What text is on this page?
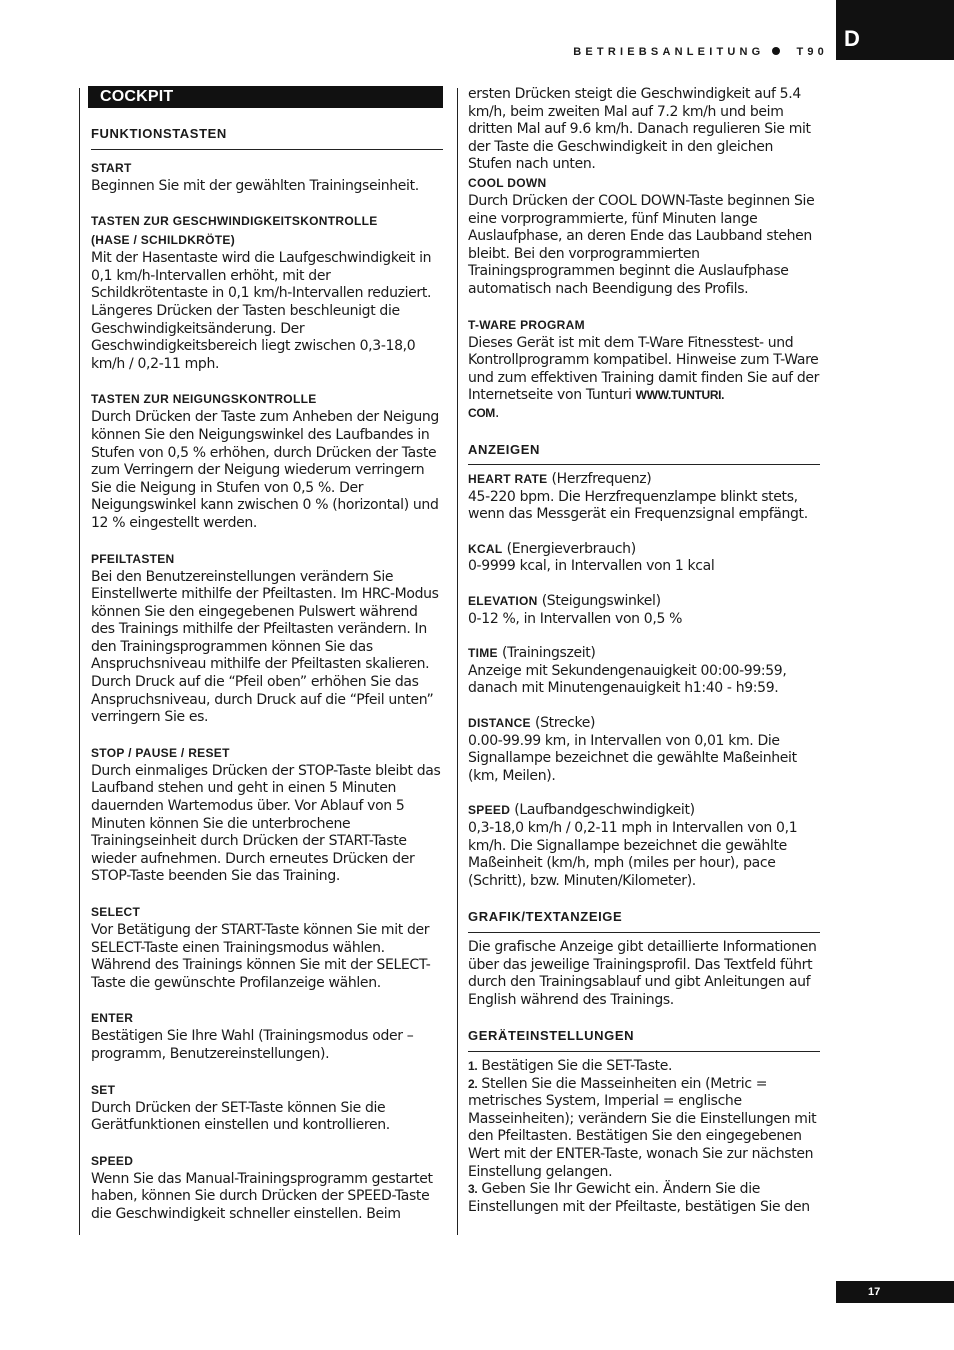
D
BETRIEBSANLEITUNG	T90
COCKPIT
FUNKTIONSTASTEN
START

Beginnen Sie mit der gewählten Trainingseinheit.

TASTEN ZUR GESCHWINDIGKEITSKONTROLLE
(HASE / SCHILDKRÖTE)

Mit der Hasentaste wird die Laufgeschwindigkeit in 0,1 km/h-Intervallen erhöht, mit der Schildkrötentaste in 0,1 km/h-Intervallen reduziert. Längeres Drücken der Tasten beschleunigt die Geschwindigkeitsänderung. Der Geschwindigkeitsbereich liegt zwischen 0,3-18,0 km/h / 0,2-11 mph.

TASTEN ZUR NEIGUNGSKONTROLLE

Durch Drücken der Taste zum Anheben der Neigung können Sie den Neigungswinkel des Laufbandes in Stufen von 0,5 % erhöhen, durch Drücken der Taste zum Verringern der Neigung wiederum verringern Sie die Neigung in Stufen von 0,5 %. Der Neigungswinkel kann zwischen 0 % (horizontal) und 12 % eingestellt werden.

PFEILTASTEN

Bei den Benutzereinstellungen verändern Sie Einstellwerte mithilfe der Pfeiltasten. Im HRC-Modus können Sie den eingegebenen Pulswert während des Trainings mithilfe der Pfeiltasten verändern. In den Trainingsprogrammen können Sie das Anspruchsniveau mithilfe der Pfeiltasten skalieren. Durch Druck auf die “Pfeil oben” erhöhen Sie das Anspruchsniveau, durch Druck auf die “Pfeil unten” verringern Sie es.

STOP / PAUSE / RESET

Durch einmaliges Drücken der STOP-Taste bleibt das Laufband stehen und geht in einen 5 Minuten dauernden Wartemodus über. Vor Ablauf von 5 Minuten können Sie die unterbrochene Trainingseinheit durch Drücken der START-Taste wieder aufnehmen. Durch erneutes Drücken der STOP-Taste beenden Sie das Training.

SELECT

Vor Betätigung der START-Taste können Sie mit der SELECT-Taste einen Trainingsmodus wählen. Während des Trainings können Sie mit der SELECT-Taste die gewünschte Profilanzeige wählen.

ENTER

Bestätigen Sie Ihre Wahl (Trainingsmodus oder –programm, Benutzereinstellungen).

SET

Durch Drücken der SET-Taste können Sie die Gerätfunktionen einstellen und kontrollieren.

SPEED

Wenn Sie das Manual-Trainingsprogramm gestartet haben, können Sie durch Drücken der SPEED-Taste die Geschwindigkeit schneller einstellen. Beim

ersten Drücken steigt die Geschwindigkeit auf 5.4 km/h, beim zweiten Mal auf 7.2 km/h und beim dritten Mal auf 9.6 km/h. Danach regulieren Sie mit der Taste die Geschwindigkeit in den gleichen Stufen nach unten.

COOL DOWN

Durch Drücken der COOL DOWN-Taste beginnen Sie eine vorprogrammierte, fünf Minuten lange Auslaufphase, an deren Ende das Laubband stehen bleibt. Bei den vorprogrammierten Trainingsprogrammen beginnt die Auslaufphase automatisch nach Beendigung des Profils.

T-WARE PROGRAM

Dieses Gerät ist mit dem T-Ware Fitnesstest- und Kontrollprogramm kompatibel. Hinweise zum T-Ware und zum effektiven Training damit finden Sie auf der Internetseite von Tunturi WWW.TUNTURI.
COM.

ANZEIGEN

HEART RATE (Herzfrequenz)

45-220 bpm. Die Herzfrequenzlampe blinkt stets, wenn das Messgerät ein Frequenzsignal empfängt.

KCAL (Energieverbrauch)

0-9999 kcal, in Intervallen von 1 kcal

ELEVATION (Steigungswinkel)

0-12 %, in Intervallen von 0,5 %

TIME (Trainingszeit)

Anzeige mit Sekundengenauigkeit 00:00-99:59, danach mit Minutengenauigkeit h1:40 - h9:59.

DISTANCE (Strecke)

0.00-99.99 km, in Intervallen von 0,01 km. Die Signallampe bezeichnet die gewählte Maßeinheit (km, Meilen).

SPEED (Laufbandgeschwindigkeit)

0,3-18,0 km/h / 0,2-11 mph in Intervallen von 0,1 km/h. Die Signallampe bezeichnet die gewählte Maßeinheit (km/h, mph (miles per hour), pace (Schritt), bzw. Minuten/Kilometer).

GRAFIK/TEXTANZEIGE

Die grafische Anzeige gibt detaillierte Informationen über das jeweilige Trainingsprofil. Das Textfeld führt durch den Trainingsablauf und gibt Anleitungen auf English während des Trainings.

GERÄTEINSTELLUNGEN

1. Bestätigen Sie die SET-Taste.

2. Stellen Sie die Masseinheiten ein (Metric = metrisches System, Imperial = englische Masseinheiten); verändern Sie die Einstellungen mit den Pfeiltasten. Bestätigen Sie den eingegebenen Wert mit der ENTER-Taste, wonach Sie zur nächsten Einstellung gelangen.

3. Geben Sie Ihr Gewicht ein. Ändern Sie die Einstellungen mit der Pfeiltaste, bestätigen Sie den

17
